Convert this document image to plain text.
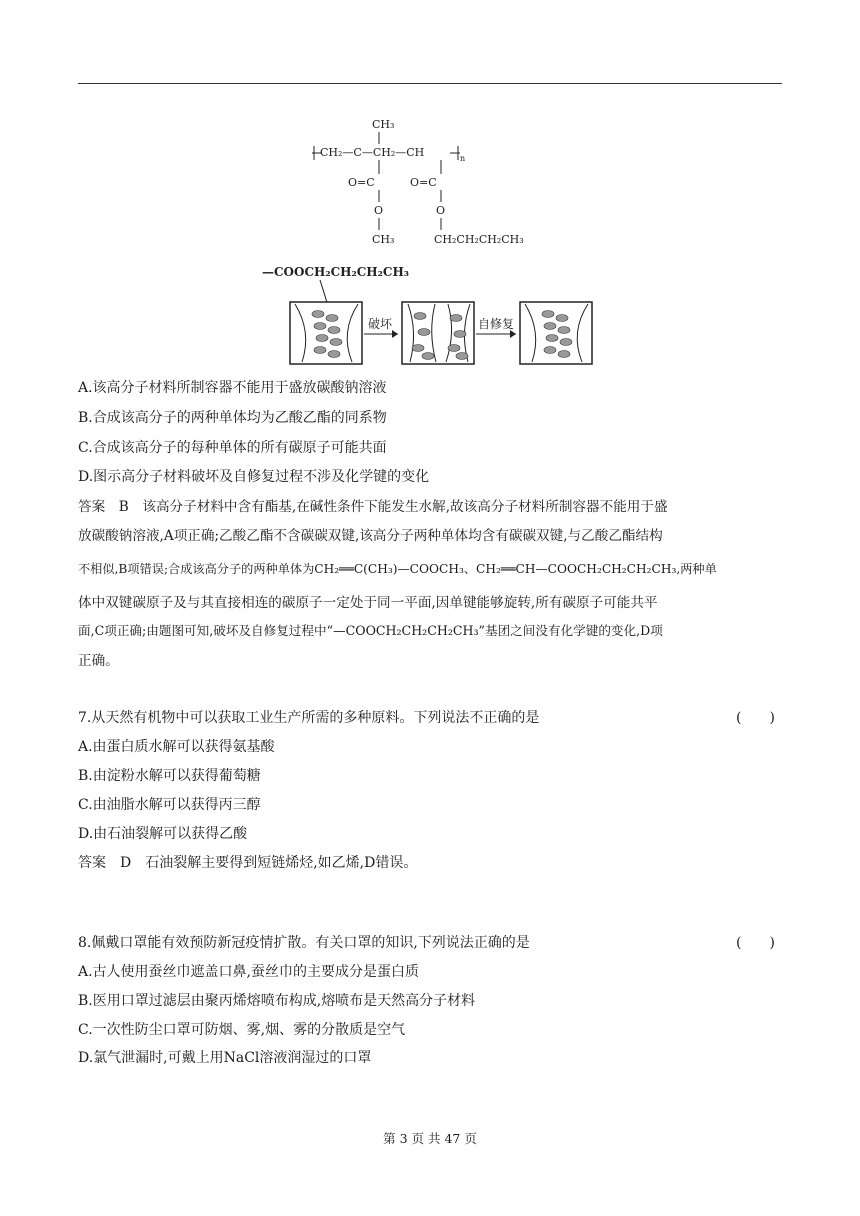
CH₃
CH₂—C—CH₂—CH	n
O=C	O=C
O	O
CH₃	CH₂CH₂CH₂CH₃
—COOCH₂CH₂CH₂CH₃
破坏	自修复
A.该高分子材料所制容器不能用于盛放碳酸钠溶液
B.合成该高分子的两种单体均为乙酸乙酯的同系物
C.合成该高分子的每种单体的所有碳原子可能共面
D.图示高分子材料破坏及自修复过程不涉及化学键的变化
答案　B　该高分子材料中含有酯基,在碱性条件下能发生水解,故该高分子材料所制容器不能用于盛
放碳酸钠溶液,A项正确;乙酸乙酯不含碳碳双键,该高分子两种单体均含有碳碳双键,与乙酸乙酯结构
不相似,B项错误;合成该高分子的两种单体为CH₂══C(CH₃)—COOCH₃、CH₂══CH—COOCH₂CH₂CH₂CH₃,两种单
体中双键碳原子及与其直接相连的碳原子一定处于同一平面,因单键能够旋转,所有碳原子可能共平
面,C项正确;由题图可知,破坏及自修复过程中“—COOCH₂CH₂CH₂CH₃”基团之间没有化学键的变化,D项
正确。
7.从天然有机物中可以获取工业生产所需的多种原料。下列说法不正确的是	(　　)
A.由蛋白质水解可以获得氨基酸
B.由淀粉水解可以获得葡萄糖
C.由油脂水解可以获得丙三醇
D.由石油裂解可以获得乙酸
答案　D　石油裂解主要得到短链烯烃,如乙烯,D错误。
8.佩戴口罩能有效预防新冠疫情扩散。有关口罩的知识,下列说法正确的是	(　　)
A.古人使用蚕丝巾遮盖口鼻,蚕丝巾的主要成分是蛋白质
B.医用口罩过滤层由聚丙烯熔喷布构成,熔喷布是天然高分子材料
C.一次性防尘口罩可防烟、雾,烟、雾的分散质是空气
D.氯气泄漏时,可戴上用NaCl溶液润湿过的口罩
第 3 页 共 47 页
